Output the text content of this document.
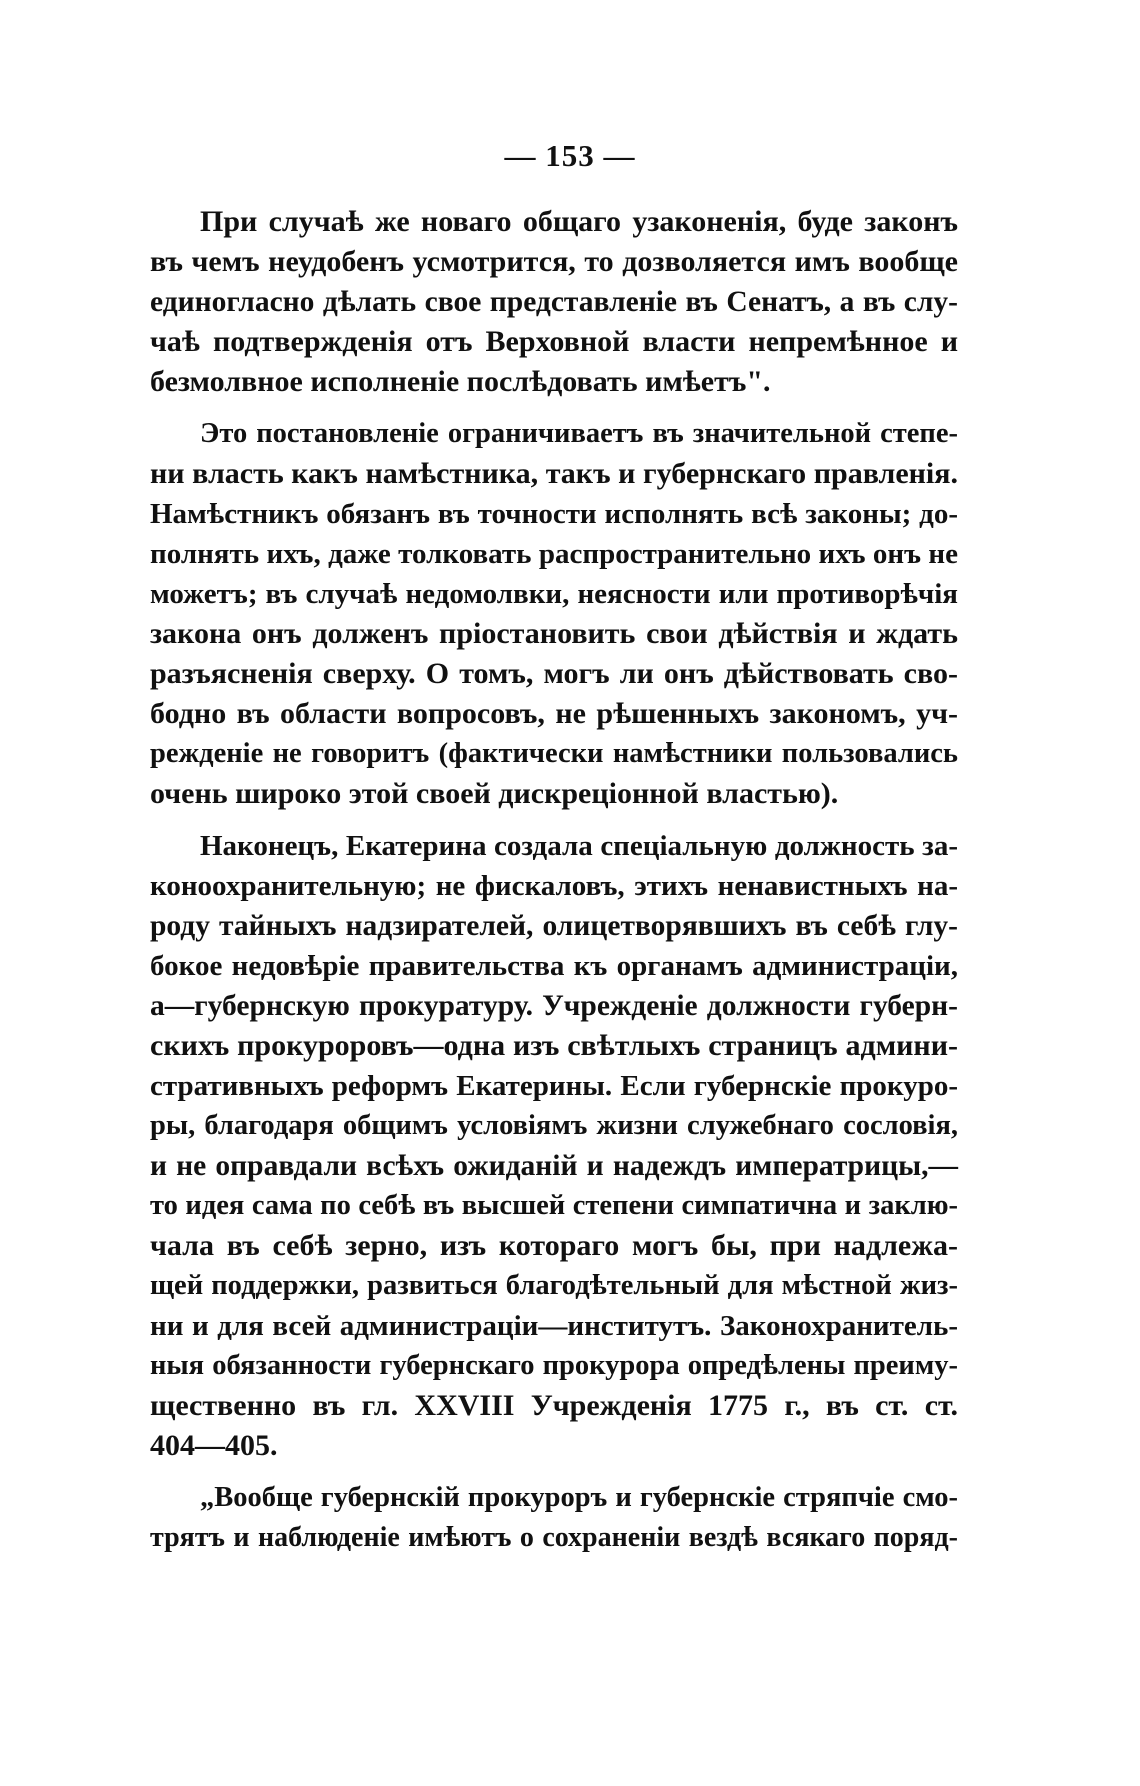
— 153 —
При случаѣ же новаго общаго узаконенія, буде законъ
въ чемъ неудобенъ усмотрится, то дозволяется имъ вообще
единогласно дѣлать свое представленіе въ Сенатъ, а въ слу-
чаѣ подтвержденія отъ Верховной власти непремѣнное и
безмолвное исполненіе послѣдовать имѣетъ".
Это постановленіе ограничиваетъ въ значительной степе-
ни власть какъ намѣстника, такъ и губернскаго правленія.
Намѣстникъ обязанъ въ точности исполнять всѣ законы; до-
полнять ихъ, даже толковать распространительно ихъ онъ не
можетъ; въ случаѣ недомолвки, неясности или противорѣчія
закона онъ долженъ пріостановить свои дѣйствія и ждать
разъясненія сверху. О томъ, могъ ли онъ дѣйствовать сво-
бодно въ области вопросовъ, не рѣшенныхъ закономъ, уч-
режденіе не говоритъ (фактически намѣстники пользовались
очень широко этой своей дискреціонной властью).
Наконецъ, Екатерина создала спеціальную должность за-
коноохранительную; не фискаловъ, этихъ ненавистныхъ на-
роду тайныхъ надзирателей, олицетворявшихъ въ себѣ глу-
бокое недовѣріе правительства къ органамъ администраціи,
а—губернскую прокуратуру. Учрежденіе должности губерн-
скихъ прокуроровъ—одна изъ свѣтлыхъ страницъ админи-
стративныхъ реформъ Екатерины. Если губернскіе прокуро-
ры, благодаря общимъ условіямъ жизни служебнаго сословія,
и не оправдали всѣхъ ожиданій и надеждъ императрицы,—
то идея сама по себѣ въ высшей степени симпатична и заклю-
чала въ себѣ зерно, изъ котораго могъ бы, при надлежа-
щей поддержки, развиться благодѣтельный для мѣстной жиз-
ни и для всей администраціи—институтъ. Законохранитель-
ныя обязанности губернскаго прокурора опредѣлены преиму-
щественно въ гл. XXVIII Учрежденія 1775 г., въ ст. ст.
404—405.
„Вообще губернскій прокуроръ и губернскіе стряпчіе смо-
трятъ и наблюденіе имѣютъ о сохраненіи вездѣ всякаго поряд-
